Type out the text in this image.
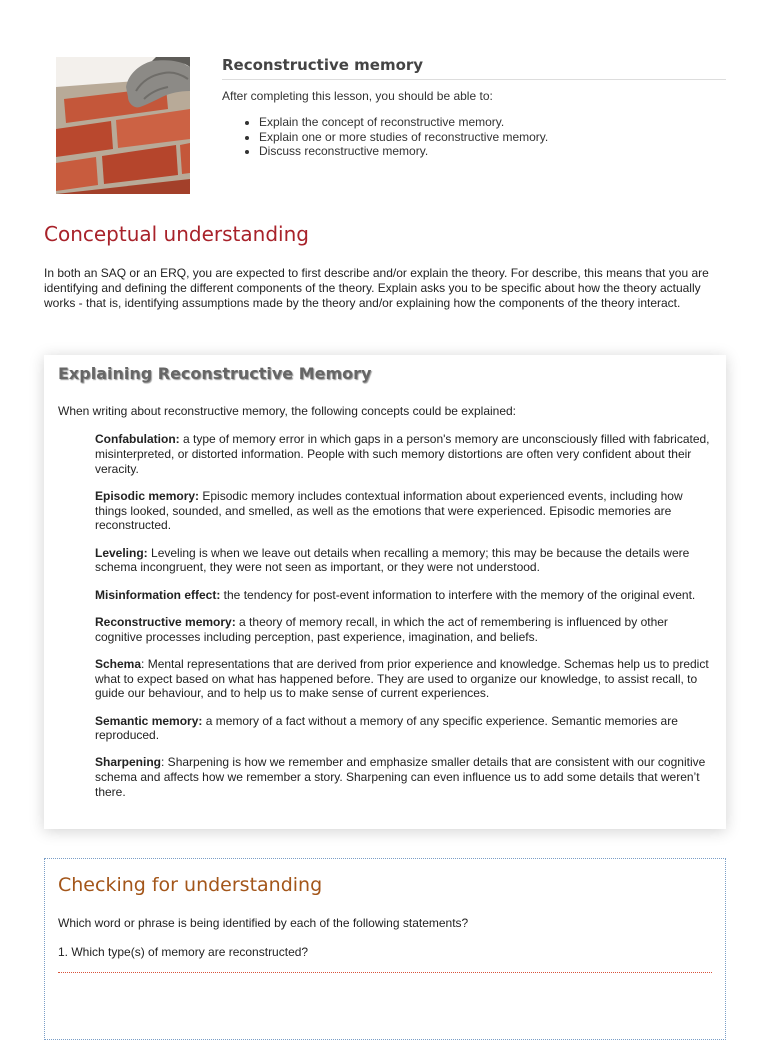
Reconstructive memory

After completing this lesson, you should be able to:

• Explain the concept of reconstructive memory.
• Explain one or more studies of reconstructive memory.
• Discuss reconstructive memory.
Conceptual understanding

In both an SAQ or an ERQ, you are expected to first describe and/or explain the theory. For describe, this means that you are identifying and defining the different components of the theory. Explain asks you to be specific about how the theory actually works - that is, identifying assumptions made by the theory and/or explaining how the components of the theory interact.

Explaining Reconstructive Memory

When writing about reconstructive memory, the following concepts could be explained:

Confabulation: a type of memory error in which gaps in a person's memory are unconsciously filled with fabricated, misinterpreted, or distorted information. People with such memory distortions are often very confident about their veracity.

Episodic memory: Episodic memory includes contextual information about experienced events, including how things looked, sounded, and smelled, as well as the emotions that were experienced. Episodic memories are reconstructed.

Leveling: Leveling is when we leave out details when recalling a memory; this may be because the details were schema incongruent, they were not seen as important, or they were not understood.

Misinformation effect: the tendency for post-event information to interfere with the memory of the original event.

Reconstructive memory: a theory of memory recall, in which the act of remembering is influenced by other cognitive processes including perception, past experience, imagination, and beliefs.

Schema: Mental representations that are derived from prior experience and knowledge. Schemas help us to predict what to expect based on what has happened before. They are used to organize our knowledge, to assist recall, to guide our behaviour, and to help us to make sense of current experiences.

Semantic memory: a memory of a fact without a memory of any specific experience. Semantic memories are reproduced.

Sharpening: Sharpening is how we remember and emphasize smaller details that are consistent with our cognitive schema and affects how we remember a story. Sharpening can even influence us to add some details that weren’t there.

Checking for understanding

Which word or phrase is being identified by each of the following statements?

1. Which type(s) of memory are reconstructed?
